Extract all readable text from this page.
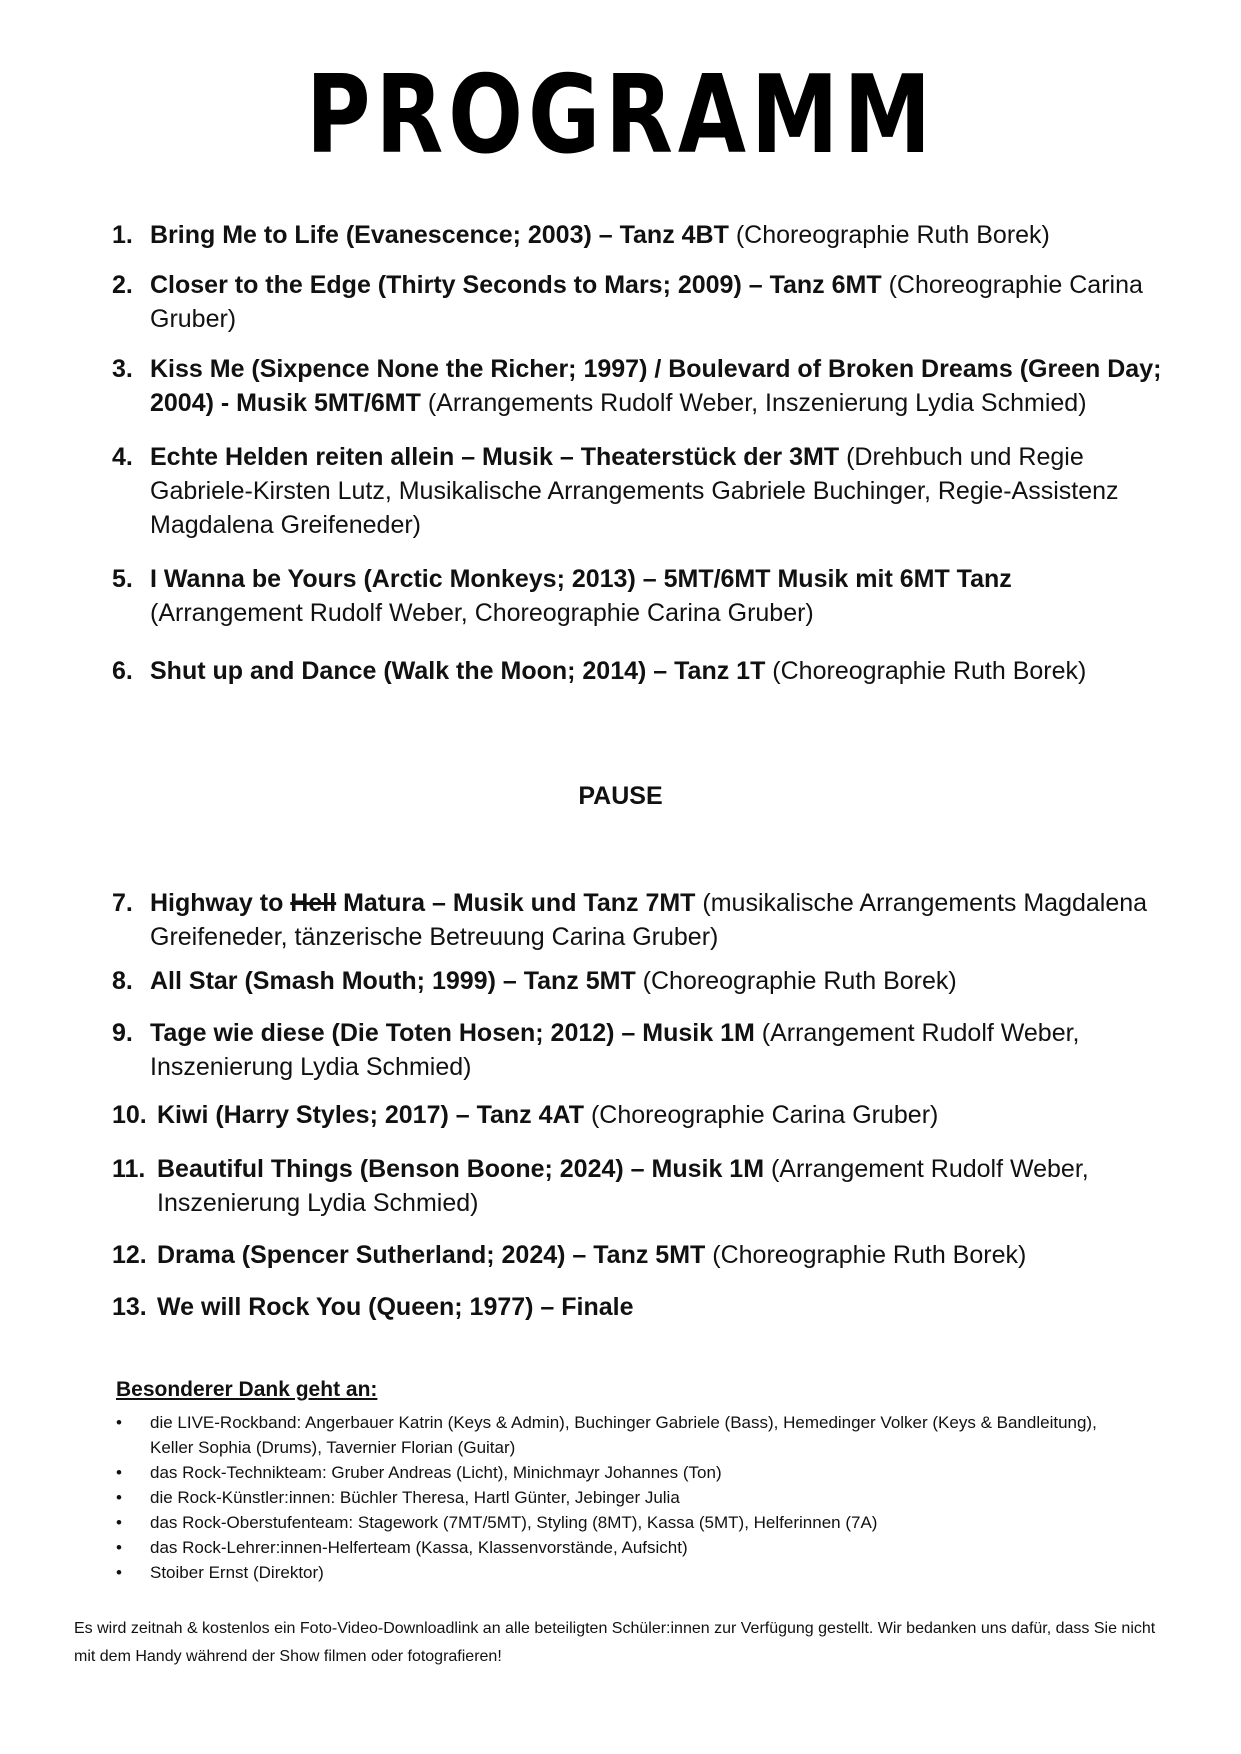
PROGRAMM
1. Bring Me to Life (Evanescence; 2003) – Tanz 4BT (Choreographie Ruth Borek)
2. Closer to the Edge (Thirty Seconds to Mars; 2009) – Tanz 6MT (Choreographie Carina Gruber)
3. Kiss Me (Sixpence None the Richer; 1997) / Boulevard of Broken Dreams (Green Day; 2004) - Musik 5MT/6MT (Arrangements Rudolf Weber, Inszenierung Lydia Schmied)
4. Echte Helden reiten allein – Musik – Theaterstück der 3MT (Drehbuch und Regie Gabriele-Kirsten Lutz, Musikalische Arrangements Gabriele Buchinger, Regie-Assistenz Magdalena Greifeneder)
5. I Wanna be Yours (Arctic Monkeys; 2013) – 5MT/6MT Musik mit 6MT Tanz (Arrangement Rudolf Weber, Choreographie Carina Gruber)
6. Shut up and Dance (Walk the Moon; 2014) – Tanz 1T (Choreographie Ruth Borek)
PAUSE
7. Highway to Hell Matura – Musik und Tanz 7MT (musikalische Arrangements Magdalena Greifeneder, tänzerische Betreuung Carina Gruber)
8. All Star (Smash Mouth; 1999) – Tanz 5MT (Choreographie Ruth Borek)
9. Tage wie diese (Die Toten Hosen; 2012) – Musik 1M (Arrangement Rudolf Weber, Inszenierung Lydia Schmied)
10. Kiwi (Harry Styles; 2017) – Tanz 4AT (Choreographie Carina Gruber)
11. Beautiful Things (Benson Boone; 2024) – Musik 1M (Arrangement Rudolf Weber, Inszenierung Lydia Schmied)
12. Drama (Spencer Sutherland; 2024) – Tanz 5MT (Choreographie Ruth Borek)
13. We will Rock You (Queen; 1977) – Finale
Besonderer Dank geht an:
• die LIVE-Rockband: Angerbauer Katrin (Keys & Admin), Buchinger Gabriele (Bass), Hemedinger Volker (Keys & Bandleitung), Keller Sophia (Drums), Tavernier Florian (Guitar)
• das Rock-Technikteam: Gruber Andreas (Licht), Minichmayr Johannes (Ton)
• die Rock-Künstler:innen: Büchler Theresa, Hartl Günter, Jebinger Julia
• das Rock-Oberstufenteam: Stagework (7MT/5MT), Styling (8MT), Kassa (5MT), Helferinnen (7A)
• das Rock-Lehrer:innen-Helferteam (Kassa, Klassenvorstände, Aufsicht)
• Stoiber Ernst (Direktor)
Es wird zeitnah & kostenlos ein Foto-Video-Downloadlink an alle beteiligten Schüler:innen zur Verfügung gestellt. Wir bedanken uns dafür, dass Sie nicht mit dem Handy während der Show filmen oder fotografieren!
